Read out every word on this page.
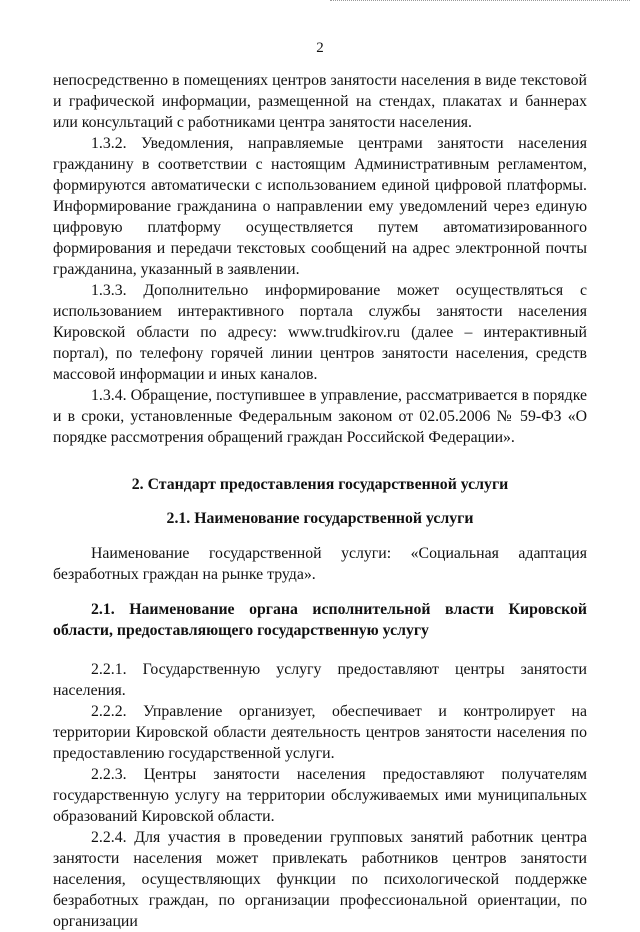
2

непосредственно в помещениях центров занятости населения в виде текстовой и графической информации, размещенной на стендах, плакатах и баннерах или консультаций с работниками центра занятости населения.

1.3.2. Уведомления, направляемые центрами занятости населения гражданину в соответствии с настоящим Административным регламентом, формируются автоматически с использованием единой цифровой платформы. Информирование гражданина о направлении ему уведомлений через единую цифровую платформу осуществляется путем автоматизированного формирования и передачи текстовых сообщений на адрес электронной почты гражданина, указанный в заявлении.

1.3.3. Дополнительно информирование может осуществляться с использованием интерактивного портала службы занятости населения Кировской области по адресу: www.trudkirov.ru (далее – интерактивный портал), по телефону горячей линии центров занятости населения, средств массовой информации и иных каналов.

1.3.4. Обращение, поступившее в управление, рассматривается в порядке и в сроки, установленные Федеральным законом от 02.05.2006 № 59-ФЗ «О порядке рассмотрения обращений граждан Российской Федерации».

2. Стандарт предоставления государственной услуги

2.1. Наименование государственной услуги

Наименование государственной услуги: «Социальная адаптация безработных граждан на рынке труда».

2.1. Наименование органа исполнительной власти Кировской области, предоставляющего государственную услугу

2.2.1. Государственную услугу предоставляют центры занятости населения.

2.2.2. Управление организует, обеспечивает и контролирует на территории Кировской области деятельность центров занятости населения по предоставлению государственной услуги.

2.2.3. Центры занятости населения предоставляют получателям государственную услугу на территории обслуживаемых ими муниципальных образований Кировской области.

2.2.4. Для участия в проведении групповых занятий работник центра занятости населения может привлекать работников центров занятости населения, осуществляющих функции по психологической поддержке безработных граждан, по организации профессиональной ориентации, по организации
